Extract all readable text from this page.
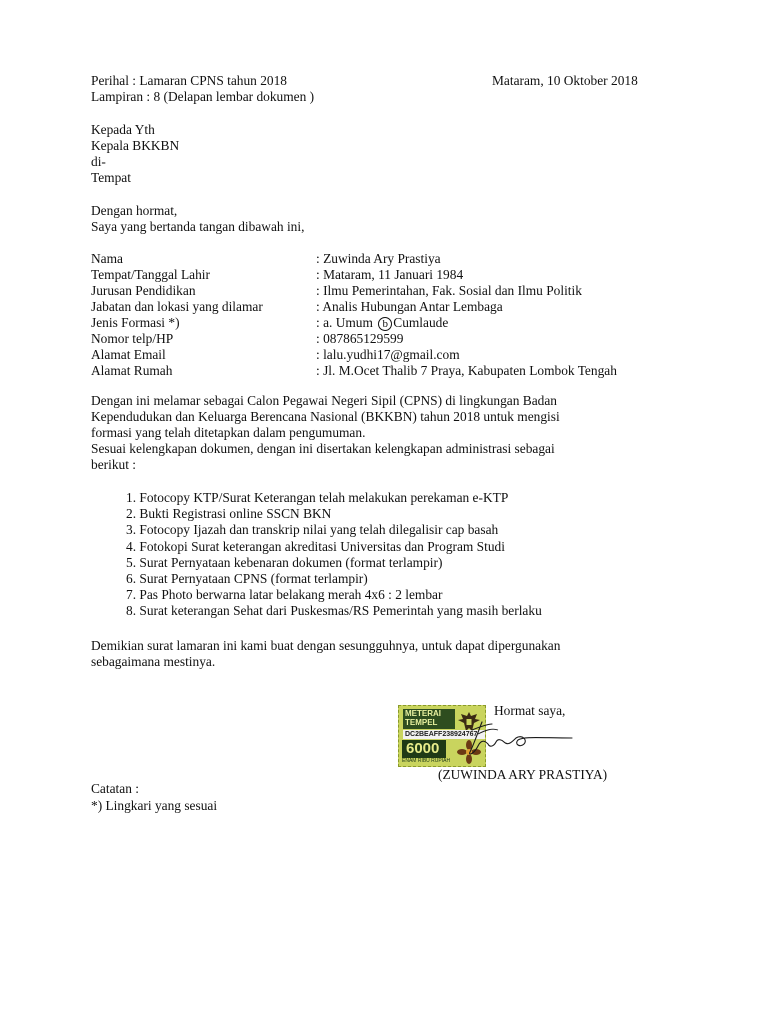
Perihal : Lamaran CPNS tahun 2018	Mataram, 10 Oktober 2018
Lampiran : 8 (Delapan lembar dokumen )
Kepada Yth
Kepala BKKBN
di-
Tempat
Dengan hormat,
Saya yang bertanda tangan dibawah ini,
Nama	: Zuwinda Ary Prastiya
Tempat/Tanggal Lahir	: Mataram, 11 Januari 1984
Jurusan Pendidikan	: Ilmu Pemerintahan, Fak. Sosial dan Ilmu Politik
Jabatan dan lokasi yang dilamar	: Analis Hubungan Antar Lembaga
Jenis Formasi *)	: a. Umum b Cumlaude
Nomor telp/HP	: 087865129599
Alamat Email	: lalu.yudhi17@gmail.com
Alamat Rumah	: Jl. M.Ocet Thalib 7 Praya, Kabupaten Lombok Tengah
Dengan ini melamar sebagai Calon Pegawai Negeri Sipil (CPNS) di lingkungan Badan
Kependudukan dan Keluarga Berencana Nasional (BKKBN) tahun 2018 untuk mengisi
formasi yang telah ditetapkan dalam pengumuman.
Sesuai kelengkapan dokumen, dengan ini disertakan kelengkapan administrasi sebagai
berikut :
1. Fotocopy KTP/Surat Keterangan telah melakukan perekaman e-KTP
2. Bukti Registrasi online SSCN BKN
3. Fotocopy Ijazah dan transkrip nilai yang telah dilegalisir cap basah
4. Fotokopi Surat keterangan akreditasi Universitas dan Program Studi
5. Surat Pernyataan kebenaran dokumen (format terlampir)
6. Surat Pernyataan CPNS (format terlampir)
7. Pas Photo berwarna latar belakang merah 4x6 : 2 lembar
8. Surat keterangan Sehat dari Puskesmas/RS Pemerintah yang masih berlaku
Demikian surat lamaran ini kami buat dengan sesungguhnya, untuk dapat dipergunakan
sebagaimana mestinya.
Hormat saya,
METERAI
TEMPEL
DC2BEAFF238924767
6000
ENAM RIBU RUPIAH
(ZUWINDA ARY PRASTIYA)
Catatan :
*) Lingkari yang sesuai
